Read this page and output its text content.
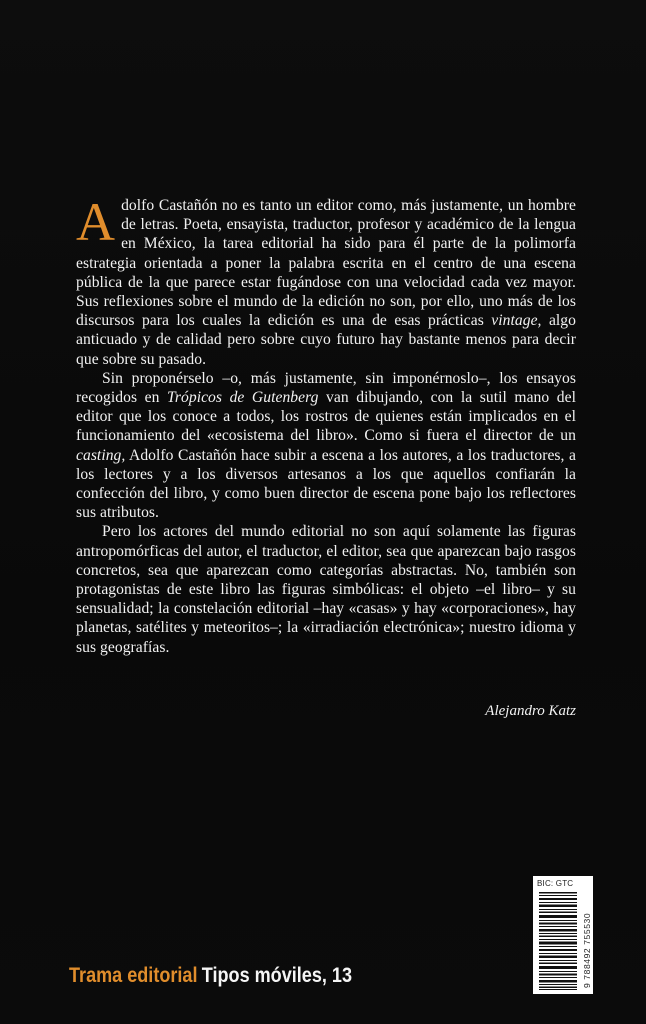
Adolfo Castañón no es tanto un editor como, más justamente, un hombre de letras. Poeta, ensayista, traductor, profesor y académico de la lengua en México, la tarea editorial ha sido para él parte de la polimorfa estrategia orientada a poner la palabra escrita en el centro de una escena pública de la que parece estar fugándose con una velocidad cada vez mayor. Sus reflexiones sobre el mundo de la edición no son, por ello, uno más de los discursos para los cuales la edición es una de esas prácticas vintage, algo anticuado y de calidad pero sobre cuyo futuro hay bastante menos para decir que sobre su pasado.

Sin proponérselo –o, más justamente, sin imponérnoslo–, los ensayos recogidos en Trópicos de Gutenberg van dibujando, con la sutil mano del editor que los conoce a todos, los rostros de quienes están implicados en el funcionamiento del «ecosistema del libro». Como si fuera el director de un casting, Adolfo Castañón hace subir a escena a los autores, a los traductores, a los lectores y a los diversos artesanos a los que aquellos confiarán la confección del libro, y como buen director de escena pone bajo los reflectores sus atributos.

Pero los actores del mundo editorial no son aquí solamente las figuras antropomórficas del autor, el traductor, el editor, sea que aparezcan bajo rasgos concretos, sea que aparezcan como categorías abstractas. No, también son protagonistas de este libro las figuras simbólicas: el objeto –el libro– y su sensualidad; la constelación editorial –hay «casas» y hay «corporaciones», hay planetas, satélites y meteoritos–; la «irradiación electrónica»; nuestro idioma y sus geografías.

Alejandro Katz
BIC: GTC
9 788492 755530
Trama editorial Tipos móviles, 13
